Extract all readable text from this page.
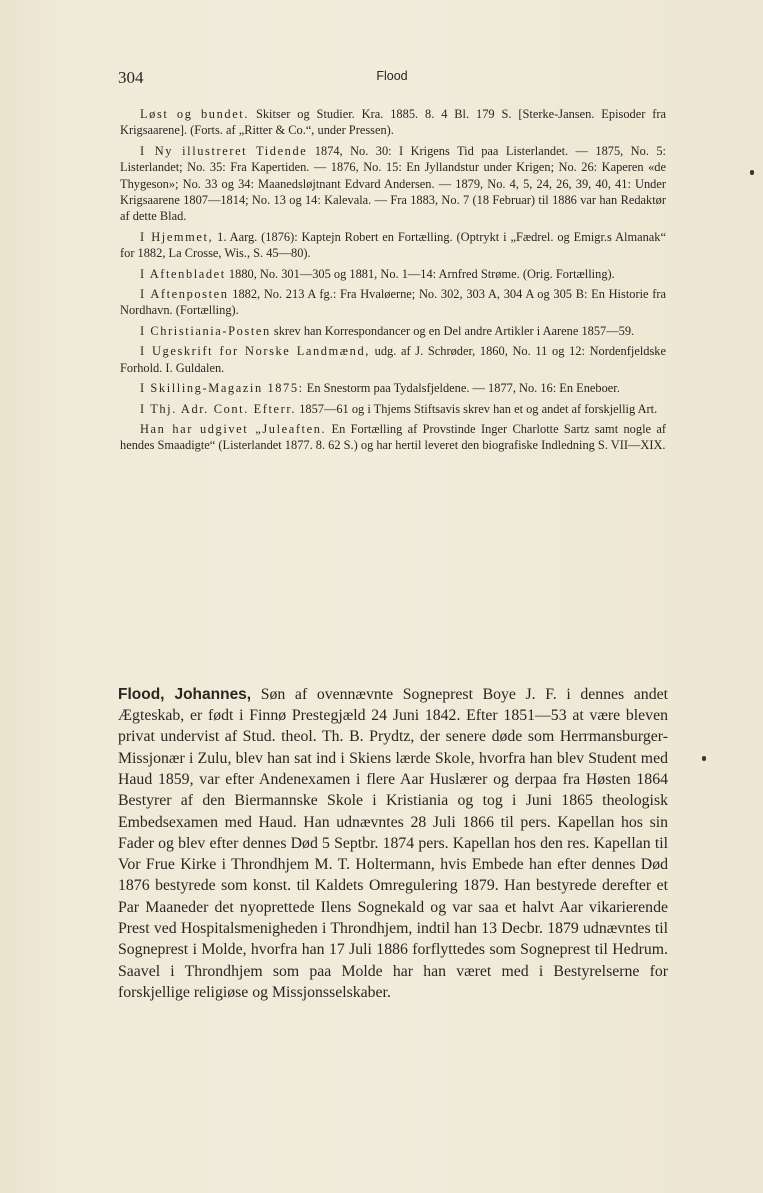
304	Flood

Løst og bundet. Skitser og Studier. Kra. 1885. 8. 4 Bl. 179 S. [Sterke-Jansen. Episoder fra Krigsaarene]. (Forts. af „Ritter & Co.“, under Pressen).

I Ny illustreret Tidende 1874, No. 30: I Krigens Tid paa Listerlandet. — 1875, No. 5: Listerlandet; No. 35: Fra Kapertiden. — 1876, No. 15: En Jyllandstur under Krigen; No. 26: Kaperen «de Thygeson»; No. 33 og 34: Maanedsløjtnant Edvard Andersen. — 1879, No. 4, 5, 24, 26, 39, 40, 41: Under Krigsaarene 1807—1814; No. 13 og 14: Kalevala. — Fra 1883, No. 7 (18 Februar) til 1886 var han Redaktør af dette Blad.

I Hjemmet, 1. Aarg. (1876): Kaptejn Robert en Fortælling. (Optrykt i „Fædrel. og Emigr.s Almanak“ for 1882, La Crosse, Wis., S. 45—80).

I Aftenbladet 1880, No. 301—305 og 1881, No. 1—14: Arnfred Strøme. (Orig. Fortælling).

I Aftenposten 1882, No. 213 A fg.: Fra Hvaløerne; No. 302, 303 A, 304 A og 305 B: En Historie fra Nordhavn. (Fortælling).

I Christiania-Posten skrev han Korrespondancer og en Del andre Artikler i Aarene 1857—59.

I Ugeskrift for Norske Landmænd, udg. af J. Schrøder, 1860, No. 11 og 12: Nordenfjeldske Forhold. I. Guldalen.

I Skilling-Magazin 1875: En Snestorm paa Tydalsfjeldene. — 1877, No. 16: En Eneboer.

I Thj. Adr. Cont. Efterr. 1857—61 og i Thjems Stiftsavis skrev han et og andet af forskjellig Art.

Han har udgivet „Juleaften. En Fortælling af Provstinde Inger Charlotte Sartz samt nogle af hendes Smaadigte“ (Listerlandet 1877. 8. 62 S.) og har hertil leveret den biografiske Indledning S. VII—XIX.

Flood, Johannes, Søn af ovennævnte Sogneprest Boye J. F. i dennes andet Ægteskab, er født i Finnø Prestegjæld 24 Juni 1842. Efter 1851—53 at være bleven privat undervist af Stud. theol. Th. B. Prydtz, der senere døde som Herrmansburger-Missjonær i Zulu, blev han sat ind i Skiens lærde Skole, hvorfra han blev Student med Haud 1859, var efter Andenexamen i flere Aar Huslærer og derpaa fra Høsten 1864 Bestyrer af den Biermannske Skole i Kristiania og tog i Juni 1865 theologisk Embedsexamen med Haud. Han udnævntes 28 Juli 1866 til pers. Kapellan hos sin Fader og blev efter dennes Død 5 Septbr. 1874 pers. Kapellan hos den res. Kapellan til Vor Frue Kirke i Throndhjem M. T. Holtermann, hvis Embede han efter dennes Død 1876 bestyrede som konst. til Kaldets Omregulering 1879. Han bestyrede derefter et Par Maaneder det nyoprettede Ilens Sognekald og var saa et halvt Aar vikarierende Prest ved Hospitalsmenigheden i Throndhjem, indtil han 13 Decbr. 1879 udnævntes til Sogneprest i Molde, hvorfra han 17 Juli 1886 forflyttedes som Sogneprest til Hedrum. Saavel i Throndhjem som paa Molde har han været med i Bestyrelserne for forskjellige religiøse og Missjonsselskaber.
